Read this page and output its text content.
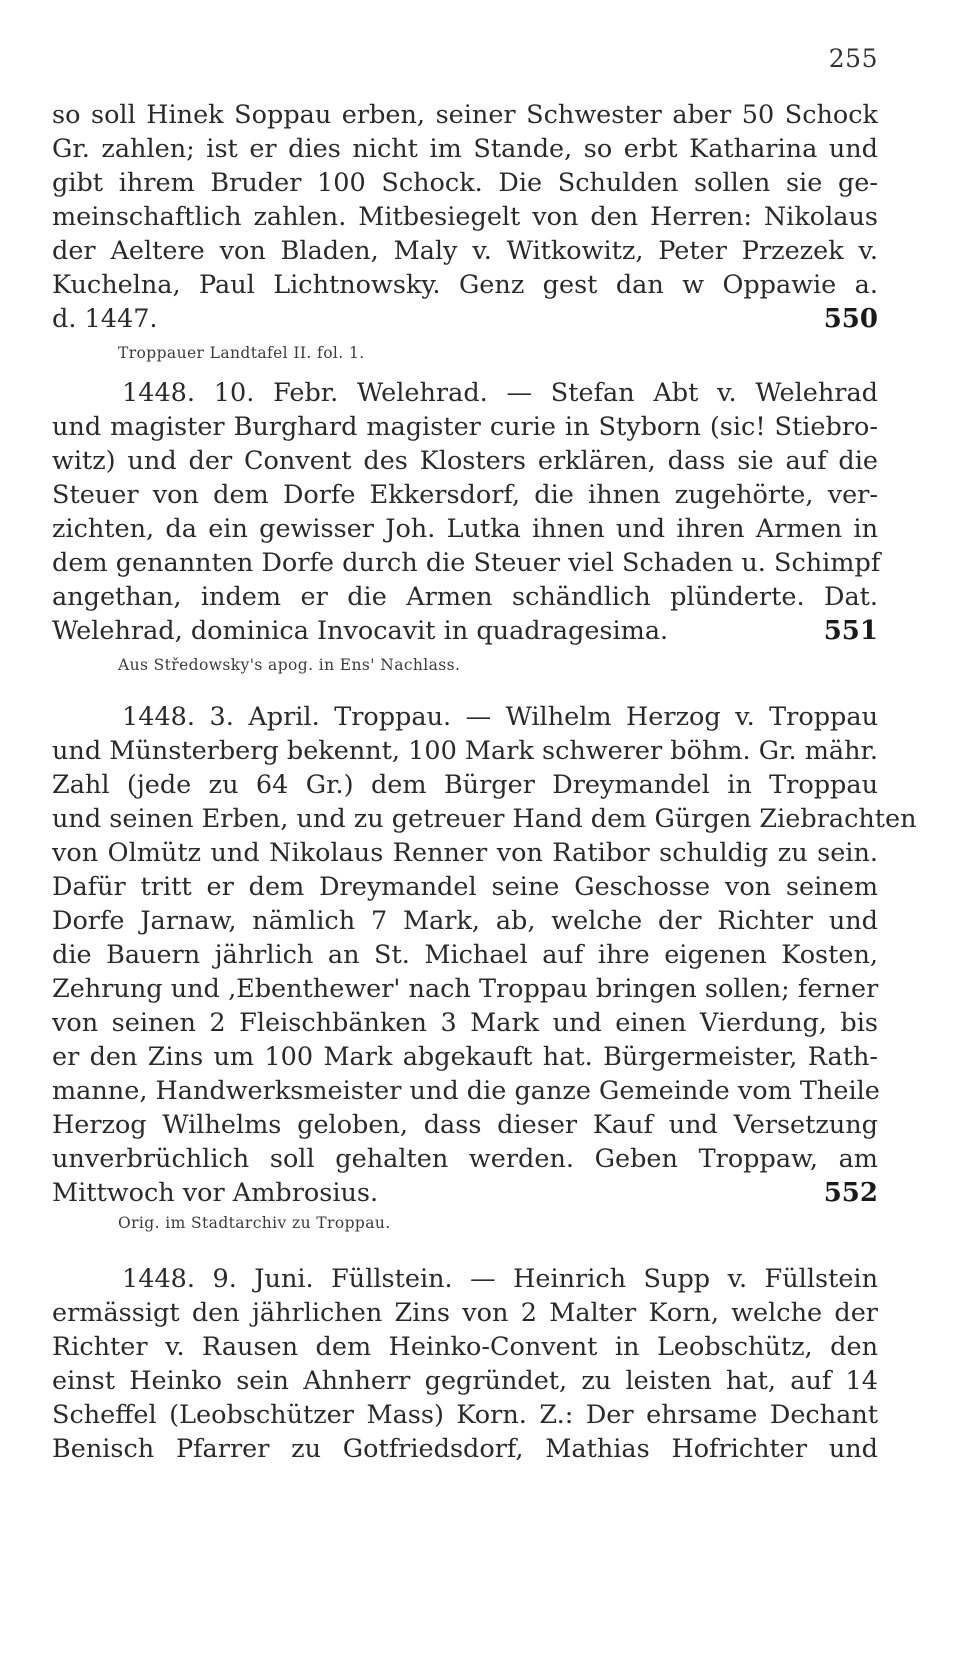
255
so soll Hinek Soppau erben, seiner Schwester aber 50 Schock
Gr. zahlen; ist er dies nicht im Stande, so erbt Katharina und
gibt ihrem Bruder 100 Schock. Die Schulden sollen sie ge-
meinschaftlich zahlen. Mitbesiegelt von den Herren: Nikolaus
der Aeltere von Bladen, Maly v. Witkowitz, Peter Przezek v.
Kuchelna, Paul Lichtnowsky. Genz gest dan w Oppawie a.
d. 1447.	550
Troppauer Landtafel II. fol. 1.
1448. 10. Febr. Welehrad. — Stefan Abt v. Welehrad
und magister Burghard magister curie in Styborn (sic! Stiebro-
witz) und der Convent des Klosters erklären, dass sie auf die
Steuer von dem Dorfe Ekkersdorf, die ihnen zugehörte, ver-
zichten, da ein gewisser Joh. Lutka ihnen und ihren Armen in
dem genannten Dorfe durch die Steuer viel Schaden u. Schimpf
angethan, indem er die Armen schändlich plünderte. Dat.
Welehrad, dominica Invocavit in quadragesima.	551
Aus Středowsky's apog. in Ens' Nachlass.
1448. 3. April. Troppau. — Wilhelm Herzog v. Troppau
und Münsterberg bekennt, 100 Mark schwerer böhm. Gr. mähr.
Zahl (jede zu 64 Gr.) dem Bürger Dreymandel in Troppau
und seinen Erben, und zu getreuer Hand dem Gürgen Ziebrachten
von Olmütz und Nikolaus Renner von Ratibor schuldig zu sein.
Dafür tritt er dem Dreymandel seine Geschosse von seinem
Dorfe Jarnaw, nämlich 7 Mark, ab, welche der Richter und
die Bauern jährlich an St. Michael auf ihre eigenen Kosten,
Zehrung und ‚Ebenthewer' nach Troppau bringen sollen; ferner
von seinen 2 Fleischbänken 3 Mark und einen Vierdung, bis
er den Zins um 100 Mark abgekauft hat. Bürgermeister, Rath-
manne, Handwerksmeister und die ganze Gemeinde vom Theile
Herzog Wilhelms geloben, dass dieser Kauf und Versetzung
unverbrüchlich soll gehalten werden. Geben Troppaw, am
Mittwoch vor Ambrosius.	552
Orig. im Stadtarchiv zu Troppau.
1448. 9. Juni. Füllstein. — Heinrich Supp v. Füllstein
ermässigt den jährlichen Zins von 2 Malter Korn, welche der
Richter v. Rausen dem Heinko-Convent in Leobschütz, den
einst Heinko sein Ahnherr gegründet, zu leisten hat, auf 14
Scheffel (Leobschützer Mass) Korn. Z.: Der ehrsame Dechant
Benisch Pfarrer zu Gotfriedsdorf, Mathias Hofrichter und
